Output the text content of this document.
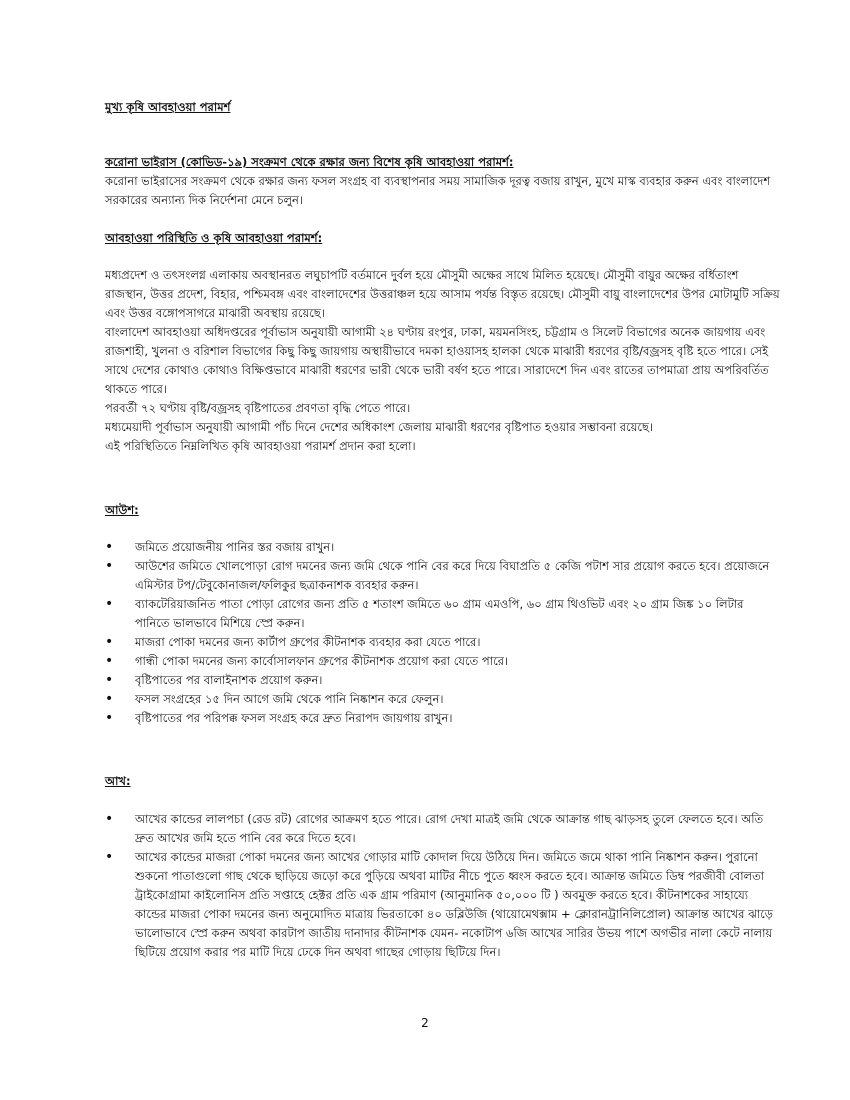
মুখ্য কৃষি আবহাওয়া পরামর্শ

করোনা ভাইরাস (কোভিড-১৯) সংক্রমণ থেকে রক্ষার জন্য বিশেষ কৃষি আবহাওয়া পরামর্শ:

করোনা ভাইরাসের সংক্রমণ থেকে রক্ষার জন্য ফসল সংগ্রহ বা ব্যবস্থাপনার সময় সামাজিক দূরত্ব বজায় রাখুন, মুখে মাস্ক ব্যবহার করুন এবং বাংলাদেশ সরকারের অন্যান্য দিক নির্দেশনা মেনে চলুন।

আবহাওয়া পরিস্থিতি ও কৃষি আবহাওয়া পরামর্শ:

মধ্যপ্রদেশ ও তৎসংলগ্ন এলাকায় অবস্থানরত লঘুচাপটি বর্তমানে দুর্বল হয়ে মৌসুমী অক্ষের সাথে মিলিত হয়েছে। মৌসুমী বায়ুর অক্ষের বর্ধিতাংশ রাজস্থান, উত্তর প্রদেশ, বিহার, পশ্চিমবঙ্গ এবং বাংলাদেশের উত্তরাঞ্চল হয়ে আসাম পর্যন্ত বিস্তৃত রয়েছে। মৌসুমী বায়ু বাংলাদেশের উপর মোটামুটি সক্রিয় এবং উত্তর বঙ্গোপসাগরে মাঝারী অবস্থায় রয়েছে।

বাংলাদেশ আবহাওয়া অধিদপ্তরের পূর্বাভাস অনুযায়ী আগামী ২৪ ঘণ্টায় রংপুর, ঢাকা, ময়মনসিংহ, চট্টগ্রাম ও সিলেট বিভাগের অনেক জায়গায় এবং রাজশাহী, খুলনা ও বরিশাল বিভাগের কিছু কিছু জায়গায় অস্থায়ীভাবে দমকা হাওয়াসহ হালকা থেকে মাঝারী ধরণের বৃষ্টি/বজ্রসহ বৃষ্টি হতে পারে। সেই সাথে দেশের কোথাও কোথাও বিক্ষিপ্তভাবে মাঝারী ধরণের ভারী থেকে ভারী বর্ষণ হতে পারে। সারাদেশে দিন এবং রাতের তাপমাত্রা প্রায় অপরিবর্তিত থাকতে পারে।

পরবর্তী ৭২ ঘণ্টায় বৃষ্টি/বজ্রসহ বৃষ্টিপাতের প্রবণতা বৃদ্ধি পেতে পারে।

মধ্যমেয়াদী পূর্বাভাস অনুযায়ী আগামী পাঁচ দিনে দেশের অধিকাংশ জেলায় মাঝারী ধরণের বৃষ্টিপাত হওয়ার সম্ভাবনা রয়েছে।

এই পরিস্থিতিতে নিম্নলিখিত কৃষি আবহাওয়া পরামর্শ প্রদান করা হলো।

আউশ:

• জমিতে প্রয়োজনীয় পানির স্তর বজায় রাখুন।
• আউশের জমিতে খোলপোড়া রোগ দমনের জন্য জমি থেকে পানি বের করে দিয়ে বিঘাপ্রতি ৫ কেজি পটাশ সার প্রয়োগ করতে হবে। প্রয়োজনে এমিস্টার টপ/টেবুকোনাজল/ফলিকুর ছত্রাকনাশক ব্যবহার করুন।
• ব্যাকটেরিয়াজনিত পাতা পোড়া রোগের জন্য প্রতি ৫ শতাংশ জমিতে ৬০ গ্রাম এমওপি, ৬০ গ্রাম থিওভিট এবং ২০ গ্রাম জিঙ্ক ১০ লিটার পানিতে ভালভাবে মিশিয়ে স্প্রে করুন।
• মাজরা পোকা দমনের জন্য কার্টাপ গ্রুপের কীটনাশক ব্যবহার করা যেতে পারে।
• গান্ধী পোকা দমনের জন্য কার্বোসালফান গ্রুপের কীটনাশক প্রয়োগ করা যেতে পারে।
• বৃষ্টিপাতের পর বালাইনাশক প্রয়োগ করুন।
• ফসল সংগ্রহের ১৫ দিন আগে জমি থেকে পানি নিষ্কাশন করে ফেলুন।
• বৃষ্টিপাতের পর পরিপক্ক ফসল সংগ্রহ করে দ্রুত নিরাপদ জায়গায় রাখুন।

আখ:

• আখের কান্ডের লালপচা (রেড রট) রোগের আক্রমণ হতে পারে। রোগ দেখা মাত্রই জমি থেকে আক্রান্ত গাছ ঝাড়সহ তুলে ফেলতে হবে। অতি দ্রুত আখের জমি হতে পানি বের করে দিতে হবে।
• আখের কান্ডের মাজরা পোকা দমনের জন্য আখের গোড়ার মাটি কোদাল দিয়ে উঠিয়ে দিন। জমিতে জমে থাকা পানি নিষ্কাশন করুন। পুরানো শুকনো পাতাগুলো গাছ থেকে ছাড়িয়ে জড়ো করে পুড়িয়ে অথবা মাটির নীচে পুতে ধ্বংস করতে হবে। আক্রান্ত জমিতে ডিম্ব পরজীবী বোলতা ট্রাইকোগ্রামা কাইলোনিস প্রতি সপ্তাহে হেক্টর প্রতি এক গ্রাম পরিমাণ (আনুমানিক ৫০,০০০ টি ) অবমুক্ত করতে হবে। কীটনাশকের সাহায্যে কান্ডের মাজরা পোকা দমনের জন্য অনুমোদিত মাত্রায় ভিরতাকো ৪০ ডব্লিউজি (থায়োমেথক্সাম + ক্লোরানট্রানিলিপ্রোল) আক্রান্ত আখের ঝাড়ে ভালোভাবে স্প্রে করুন অথবা কারটাপ জাতীয় দানাদার কীটনাশক যেমন- নকোটাপ ৬জি আখের সারির উভয় পাশে অগভীর নালা কেটে নালায় ছিটিয়ে প্রয়োগ করার পর মাটি দিয়ে ঢেকে দিন অথবা গাছের গোড়ায় ছিটিয়ে দিন।
2
